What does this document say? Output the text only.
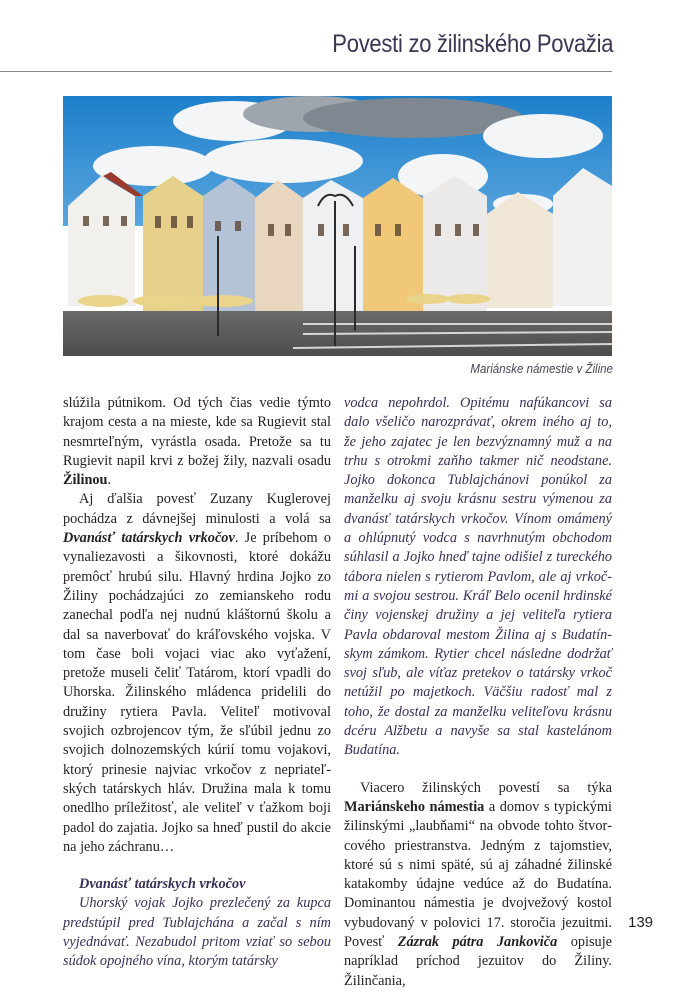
Povesti zo žilinského Považia
Mariánske námestie v Žiline

slúžila pútnikom. Od tých čias vedie týmto krajom cesta a na mieste, kde sa Rugievit stal nesmrteľným, vyrástla osada. Pretože sa tu Rugievit napil krvi z božej žily, nazvali osadu Žilinou.

Aj ďalšia povesť Zuzany Kuglerovej pochádza z dávnejšej minulosti a volá sa Dvanásť tatárskych vrkočov. Je príbehom o vynaliezavosti a šikovnosti, ktoré dokážu premôcť hrubú silu. Hlavný hrdina Jojko zo Žiliny pochádzajúci zo zemianskeho rodu zanechal podľa nej nudnú kláštornú školu a dal sa naverbovať do kráľovského vojska. V tom čase boli vojaci viac ako vyťažení, pretože museli čeliť Tatárom, ktorí vpadli do Uhorska. Žilinského mládenca pridelili do družiny rytiera Pavla. Veliteľ motivoval svojich ozbrojencov tým, že sľúbil jednu zo svojich dolnozemských kúrií tomu vojakovi, ktorý prinesie najviac vrkočov z nepriateľských tatárskych hláv. Družina mala k tomu onedlho príležitosť, ale veliteľ v ťažkom boji padol do zajatia. Jojko sa hneď pustil do akcie na jeho záchranu…

Dvanásť tatárskych vrkočov

Uhorský vojak Jojko prezlečený za kupca predstúpil pred Tublajchána a začal s ním vyjednávať. Nezabudol pritom vziať so sebou súdok opojného vína, ktorým tatársky

vodca nepohrdol. Opitému nafúkancovi sa dalo všeličo narozprávať, okrem iného aj to, že jeho zajatec je len bezvýznamný muž a na trhu s otrokmi zaňho takmer nič neodstane. Jojko dokonca Tublajchánovi ponúkol za manželku aj svoju krásnu sestru výmenou za dvanásť tatárskych vrkočov. Vínom omámený a ohlúpnutý vodca s navrhnutým obchodom súhlasil a Jojko hneď tajne odišiel z tureckého tábora nielen s rytierom Pavlom, ale aj vrkočmi a svojou sestrou. Kráľ Belo ocenil hrdinské činy vojenskej družiny a jej veliteľa rytiera Pavla obdaroval mestom Žilina aj s Budatínskym zámkom. Rytier chcel následne dodržať svoj sľub, ale víťaz pretekov o tatársky vrkoč netúžil po majetkoch. Väčšiu radosť mal z toho, že dostal za manželku veliteľovu krásnu dcéru Alžbetu a navyše sa stal kastelánom Budatína.

Viacero žilinských povestí sa týka Mariánskeho námestia a domov s typickými žilinskými „laubňami“ na obvode tohto štvorcového priestranstva. Jedným z tajomstiev, ktoré sú s nimi späté, sú aj záhadné žilinské katakomby údajne vedúce až do Budatína. Dominantou námestia je dvojvežový kostol vybudovaný v polovici 17. storočia jezuitmi. Povesť Zázrak pátra Jankoviča opisuje napríklad príchod jezuitov do Žiliny. Žilinčania,

139
